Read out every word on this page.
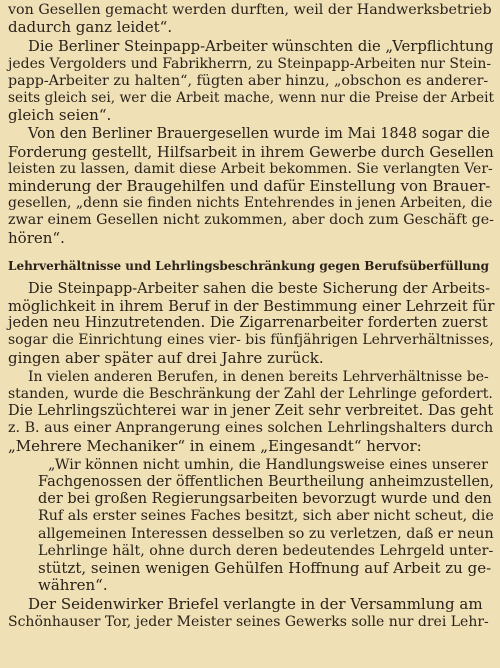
von Gesellen gemacht werden durften, weil der Handwerksbetrieb
dadurch ganz leidet“.
Die Berliner Steinpapp-Arbeiter wünschten die „Verpflichtung
jedes Vergolders und Fabrikherrn, zu Steinpapp-Arbeiten nur Stein-
papp-Arbeiter zu halten“, fügten aber hinzu, „obschon es anderer-
seits gleich sei, wer die Arbeit mache, wenn nur die Preise der Arbeit
gleich seien“.
Von den Berliner Brauergesellen wurde im Mai 1848 sogar die
Forderung gestellt, Hilfsarbeit in ihrem Gewerbe durch Gesellen
leisten zu lassen, damit diese Arbeit bekommen. Sie verlangten Ver-
minderung der Braugehilfen und dafür Einstellung von Brauer-
gesellen, „denn sie finden nichts Entehrendes in jenen Arbeiten, die
zwar einem Gesellen nicht zukommen, aber doch zum Geschäft ge-
hören“.
Lehrverhältnisse und Lehrlingsbeschränkung gegen Berufsüberfüllung
Die Steinpapp-Arbeiter sahen die beste Sicherung der Arbeits-
möglichkeit in ihrem Beruf in der Bestimmung einer Lehrzeit für
jeden neu Hinzutretenden. Die Zigarrenarbeiter forderten zuerst
sogar die Einrichtung eines vier- bis fünfjährigen Lehrverhältnisses,
gingen aber später auf drei Jahre zurück.
In vielen anderen Berufen, in denen bereits Lehrverhältnisse be-
standen, wurde die Beschränkung der Zahl der Lehrlinge gefordert.
Die Lehrlingszüchterei war in jener Zeit sehr verbreitet. Das geht
z. B. aus einer Anprangerung eines solchen Lehrlingshalters durch
„Mehrere Mechaniker“ in einem „Eingesandt“ hervor:
„Wir können nicht umhin, die Handlungsweise eines unserer
Fachgenossen der öffentlichen Beurtheilung anheimzustellen,
der bei großen Regierungsarbeiten bevorzugt wurde und den
Ruf als erster seines Faches besitzt, sich aber nicht scheut, die
allgemeinen Interessen desselben so zu verletzen, daß er neun
Lehrlinge hält, ohne durch deren bedeutendes Lehrgeld unter-
stützt, seinen wenigen Gehülfen Hoffnung auf Arbeit zu ge-
währen“.
Der Seidenwirker Briefel verlangte in der Versammlung am
Schönhauser Tor, jeder Meister seines Gewerks solle nur drei Lehr-
